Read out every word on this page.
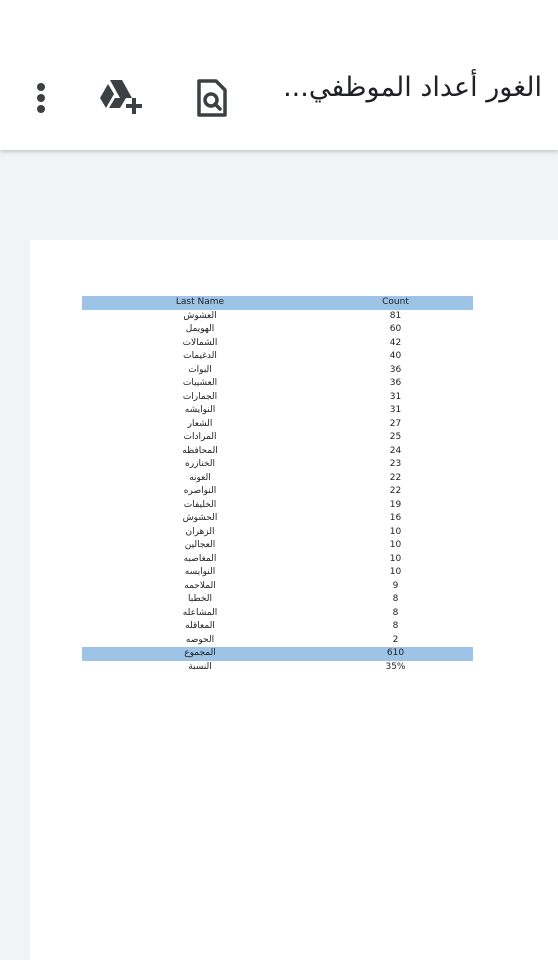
الغور أعداد الموظفي...
Last Name	Count
العشوش	81
الهويمل	60
الشمالات	42
الدغيمات	40
البوات	36
العشيبات	36
الجمارات	31
النوايشه	31
الشعار	27
المرادات	25
المحافظه	24
الخنازره	23
العونه	22
النواصره	22
الخليفات	19
الحشوش	16
الزهران	10
العجالين	10
المغاصبه	10
النوايسه	10
الملاحمه	9
الخطبا	8
المشاعله	8
المعاقله	8
الحوصه	2
المجموع	610
النسبة	35%
